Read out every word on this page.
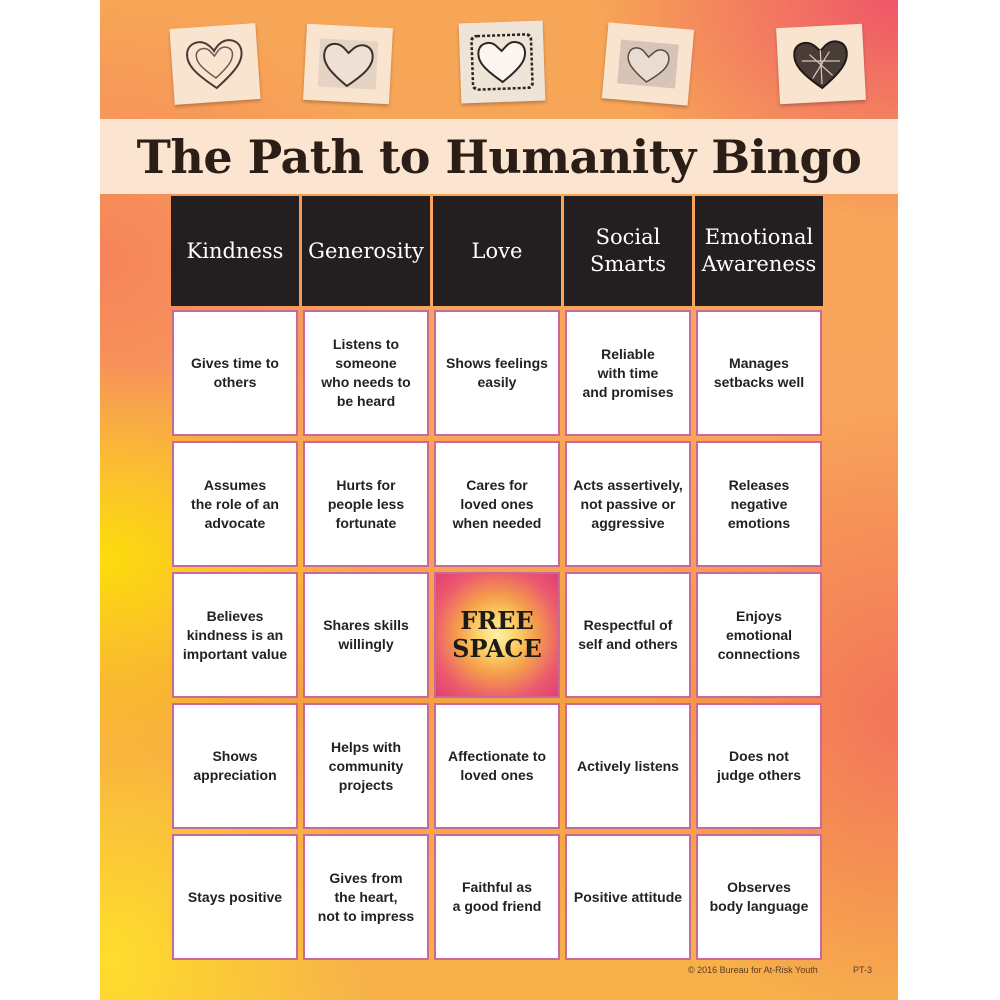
The Path to Humanity Bingo
Kindness Generosity Love
Social
Smarts
Emotional
Awareness
Gives time to
others
Listens to
someone
who needs to
be heard
Shows feelings
easily
Reliable
with time
and promises
Manages
setbacks well
Assumes
the role of an
advocate
Hurts for
people less
fortunate
Cares for
loved ones
when needed
Acts assertively,
not passive or
aggressive
Releases
negative
emotions
Believes
kindness is an
important value
Shares skills
willingly
FREE
SPACE
Respectful of
self and others
Enjoys
emotional
connections
Shows
appreciation
Helps with
community
projects
Affectionate to
loved ones
Actively listens
Does not
judge others
Stays positive
Gives from
the heart,
not to impress
Faithful as
a good friend
Positive attitude
Observes
body language
© 2016 Bureau for At-Risk Youth	PT-3
